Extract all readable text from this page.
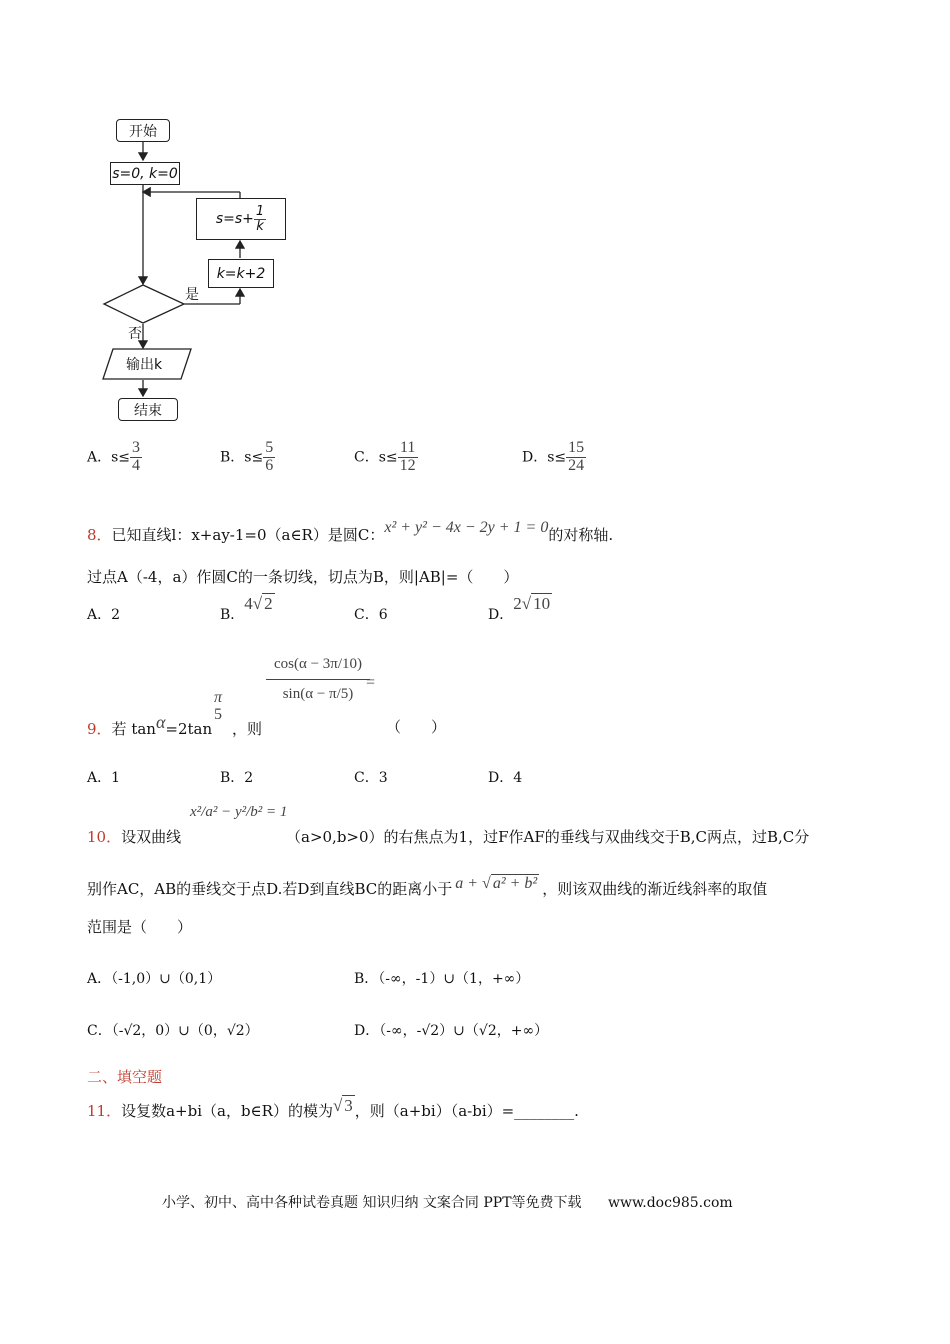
开始
s=0, k=0
$s=s+ \frac{1}{k}$
k=k+2
是
否
输出k
结束
A．$s\le \frac{3}{4}$	B．$s\le \frac{5}{6}$	C．$s\le \frac{11}{12}$	D．$s\le \frac{15}{24}$
8．已知直线l：x+ay-1=0（a∈R）是圆C：x² + y² − 4x − 2y + 1 = 0的对称轴.
过点A（-4，a）作圆C的一条切线，切点为B，则|AB|=（　　）
A．2	B．4√ 2
C．6	D．2√ 10
9．若 tanα=2tan
π
5
，则
cos(α − 3π/10)
sin(α − π/5)
=
（　　）
A．1	B．2	C．3	D．4
10．设双曲线
x²/a² − y²/b² = 1
（a>0,b>0）的右焦点为1，过F作AF的垂线与双曲线交于B,C两点，过B,C分
别作AC，AB的垂线交于点D.若D到直线BC的距离小于 a + √ a² + b² ，则该双曲线的渐近线斜率的取值
范围是（　　）
A．（-1,0）∪（0,1）	B．（-∞，-1）∪（1，+∞）
C．（-√2，0）∪（0，√2）	D．（-∞，-√2）∪（√2，+∞）
二、填空题
11．设复数a+bi（a，b∈R）的模为√ 3 ，则（a+bi）（a-bi）=________.
小学、初中、高中各种试卷真题 知识归纳 文案合同 PPT等免费下载 www.doc985.com
